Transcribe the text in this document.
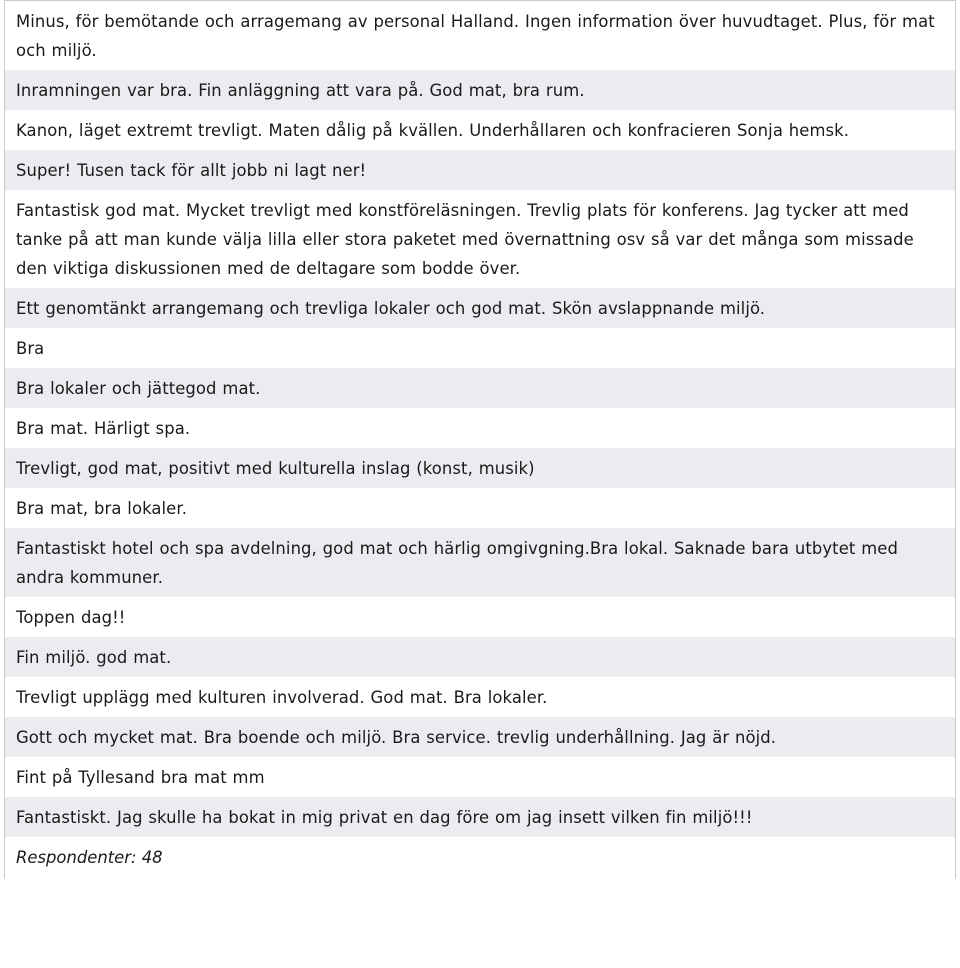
Minus, för bemötande och arragemang av personal Halland. Ingen information över huvudtaget. Plus, för mat och miljö.
Inramningen var bra. Fin anläggning att vara på. God mat, bra rum.
Kanon, läget extremt trevligt. Maten dålig på kvällen. Underhållaren och konfracieren Sonja hemsk.
Super! Tusen tack för allt jobb ni lagt ner!
Fantastisk god mat. Mycket trevligt med konstföreläsningen. Trevlig plats för konferens. Jag tycker att med tanke på att man kunde välja lilla eller stora paketet med övernattning osv så var det många som missade den viktiga diskussionen med de deltagare som bodde över.
Ett genomtänkt arrangemang och trevliga lokaler och god mat. Skön avslappnande miljö.
Bra
Bra lokaler och jättegod mat.
Bra mat. Härligt spa.
Trevligt, god mat, positivt med kulturella inslag (konst, musik)
Bra mat, bra lokaler.
Fantastiskt hotel och spa avdelning, god mat och härlig omgivgning.Bra lokal. Saknade bara utbytet med andra kommuner.
Toppen dag!!
Fin miljö. god mat.
Trevligt upplägg med kulturen involverad. God mat. Bra lokaler.
Gott och mycket mat. Bra boende och miljö. Bra service. trevlig underhållning. Jag är nöjd.
Fint på Tyllesand bra mat mm
Fantastiskt. Jag skulle ha bokat in mig privat en dag före om jag insett vilken fin miljö!!!
Respondenter: 48
